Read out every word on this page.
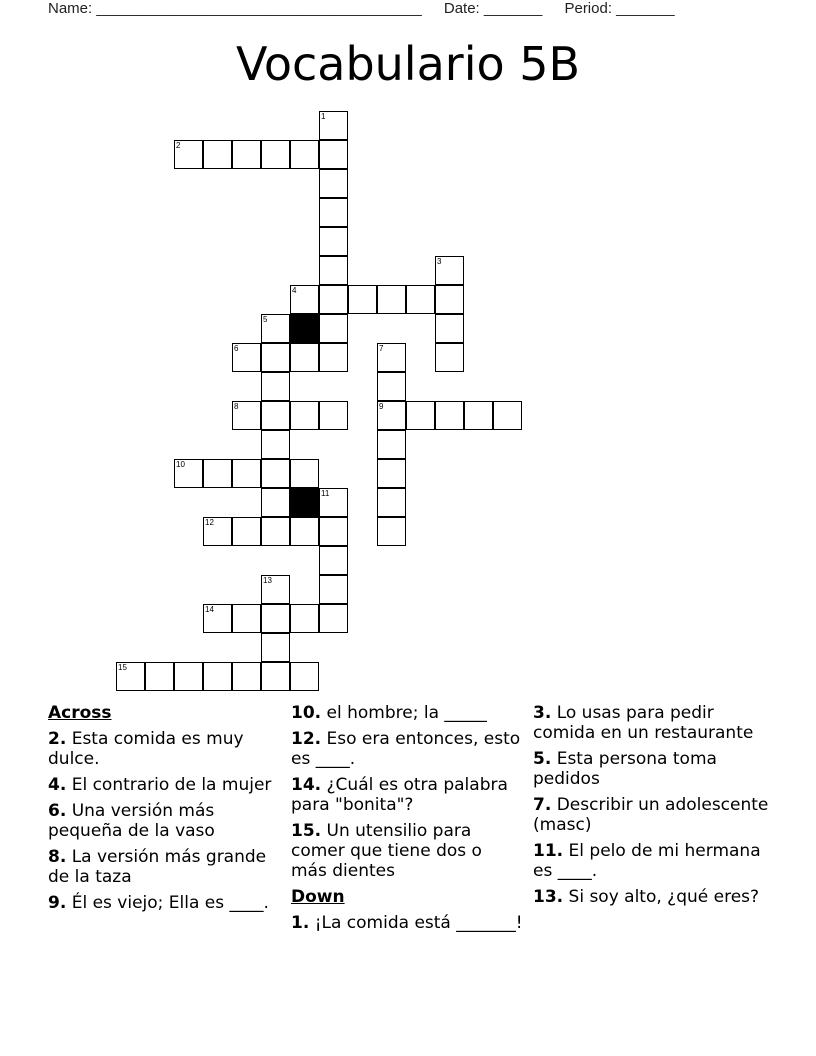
Name: _______________________________________ Date: _______ Period: _______
Vocabulario 5B
1
2
4
3
5
6	7
9
8
10
11
12
13
14
15
Across
2. Esta comida es muy dulce.
4. El contrario de la mujer
6. Una versión más pequeña de la vaso
8. La versión más grande de la taza
9. Él es viejo; Ella es ____.
10. el hombre; la _____
12. Eso era entonces, esto es ____.
14. ¿Cuál es otra palabra para "bonita"?
15. Un utensilio para comer que tiene dos o más dientes
Down
1. ¡La comida está _______!
3. Lo usas para pedir comida en un restaurante
5. Esta persona toma pedidos
7. Describir un adolescente (masc)
11. El pelo de mi hermana es ____.
13. Si soy alto, ¿qué eres?
